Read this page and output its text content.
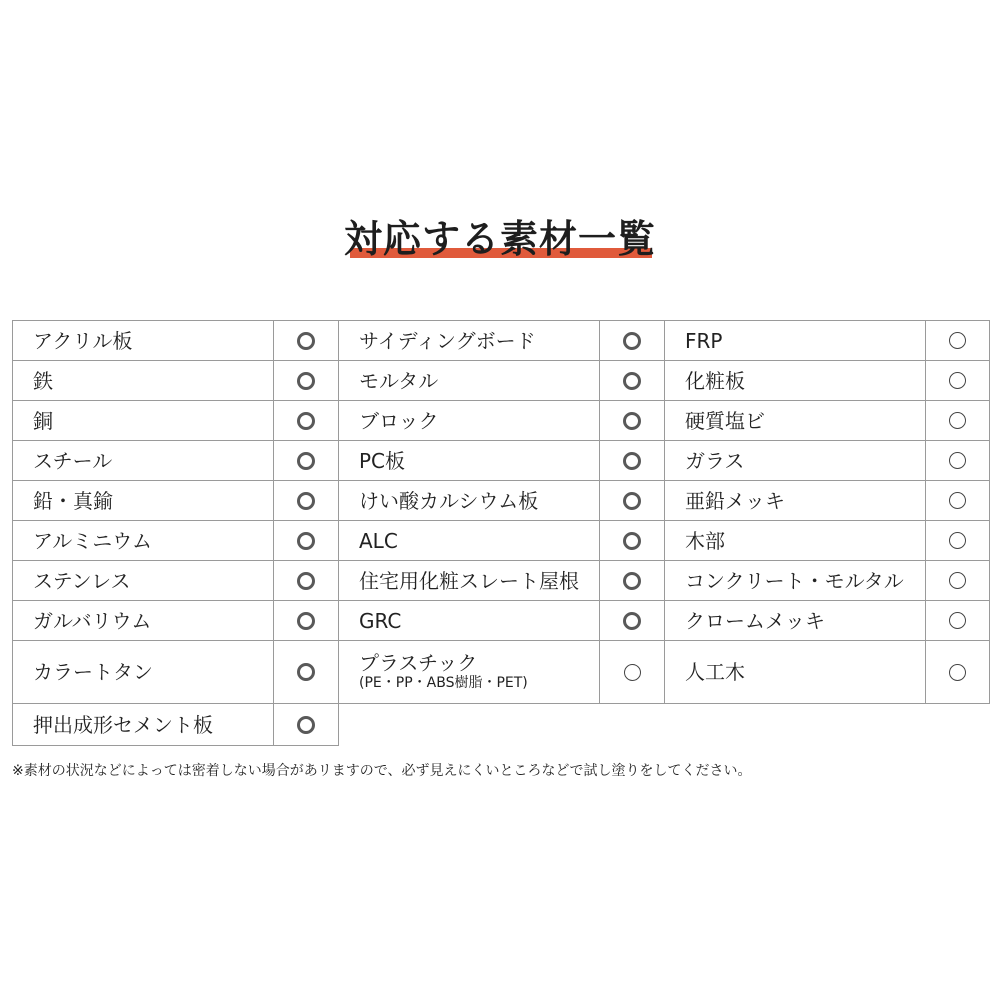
対応する素材一覧
アクリル板
鉄
銅
スチール
鉛・真鍮
アルミニウム
ステンレス
ガルバリウム
カラートタン
押出成形セメント板
サイディングボード
モルタル
ブロック
PC板
けい酸カルシウム板
ALC
住宅用化粧スレート屋根
GRC
プラスチック
(PE・PP・ABS樹脂・PET)
FRP
化粧板
硬質塩ビ
ガラス
亜鉛メッキ
木部
コンクリート・モルタル
クロームメッキ
人工木
※素材の状況などによっては密着しない場合があリますので、必ず見えにくいところなどで試し塗りをしてください。
